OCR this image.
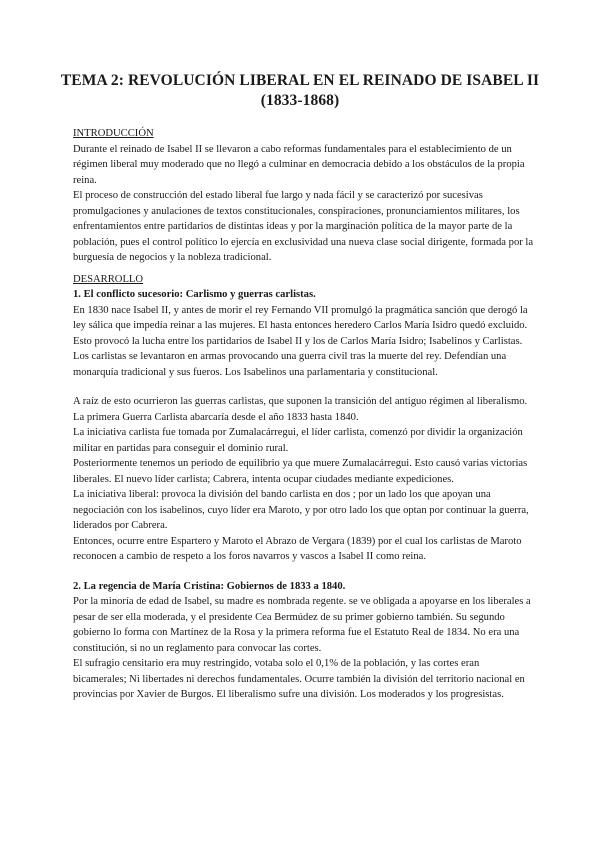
TEMA 2: REVOLUCIÓN LIBERAL EN EL REINADO DE ISABEL II (1833-1868)

INTRODUCCIÓN

Durante el reinado de Isabel II se llevaron a cabo reformas fundamentales para el establecimiento de un régimen liberal muy moderado que no llegó a culminar en democracia debido a los obstáculos de la propia reina.

El proceso de construcción del estado liberal fue largo y nada fácil y se caracterizó por sucesivas promulgaciones y anulaciones de textos constitucionales, conspiraciones, pronunciamientos militares, los enfrentamientos entre partidarios de distintas ideas y por la marginación política de la mayor parte de la población, pues el control político lo ejercía en exclusividad una nueva clase social dirigente, formada por la burguesía de negocios y la nobleza tradicional.

DESARROLLO

1. El conflicto sucesorio: Carlismo y guerras carlistas.

En 1830 nace Isabel II, y antes de morir el rey Fernando VII promulgó la pragmática sanción que derogó la ley sálica que impedía reinar a las mujeres. El hasta entonces heredero Carlos María Isidro quedó excluido. Esto provocó la lucha entre los partidarios de Isabel II y los de Carlos María Isidro; Isabelinos y Carlistas.

Los carlistas se levantaron en armas provocando una guerra civil tras la muerte del rey. Defendían una monarquía tradicional y sus fueros. Los Isabelinos una parlamentaria y constitucional.

A raíz de esto ocurrieron las guerras carlistas, que suponen la transición del antiguo régimen al liberalismo.

La primera Guerra Carlista abarcaría desde el año 1833 hasta 1840.

La iniciativa carlista fue tomada por Zumalacárregui, el líder carlista, comenzó por dividir la organización militar en partidas para conseguir el dominio rural.

Posteriormente tenemos un periodo de equilibrio ya que muere Zumalacárregui. Esto causó varias victorias liberales. El nuevo líder carlista; Cabrera, intenta ocupar ciudades mediante expediciones.

La iniciativa liberal: provoca la división del bando carlista en dos ; por un lado los que apoyan una negociación con los isabelinos, cuyo líder era Maroto, y por otro lado los que optan por continuar la guerra, liderados por Cabrera.

Entonces, ocurre entre Espartero y Maroto el Abrazo de Vergara (1839) por el cual los carlistas de Maroto reconocen a cambio de respeto a los foros navarros y vascos a Isabel II como reina.

2. La regencia de María Cristina: Gobiernos de 1833 a 1840.

Por la minoría de edad de Isabel, su madre es nombrada regente. se ve obligada a apoyarse en los liberales a pesar de ser ella moderada, y el presidente Cea Bermúdez de su primer gobierno también. Su segundo gobierno lo forma con Martínez de la Rosa y la primera reforma fue el Estatuto Real de 1834. No era una constitución, si no un reglamento para convocar las cortes.

El sufragio censitario era muy restringido, votaba solo el 0,1% de la población, y las cortes eran bicamerales; Ni libertades ni derechos fundamentales. Ocurre también la división del territorio nacional en provincias por Xavier de Burgos. El liberalismo sufre una división. Los moderados y los progresistas.
